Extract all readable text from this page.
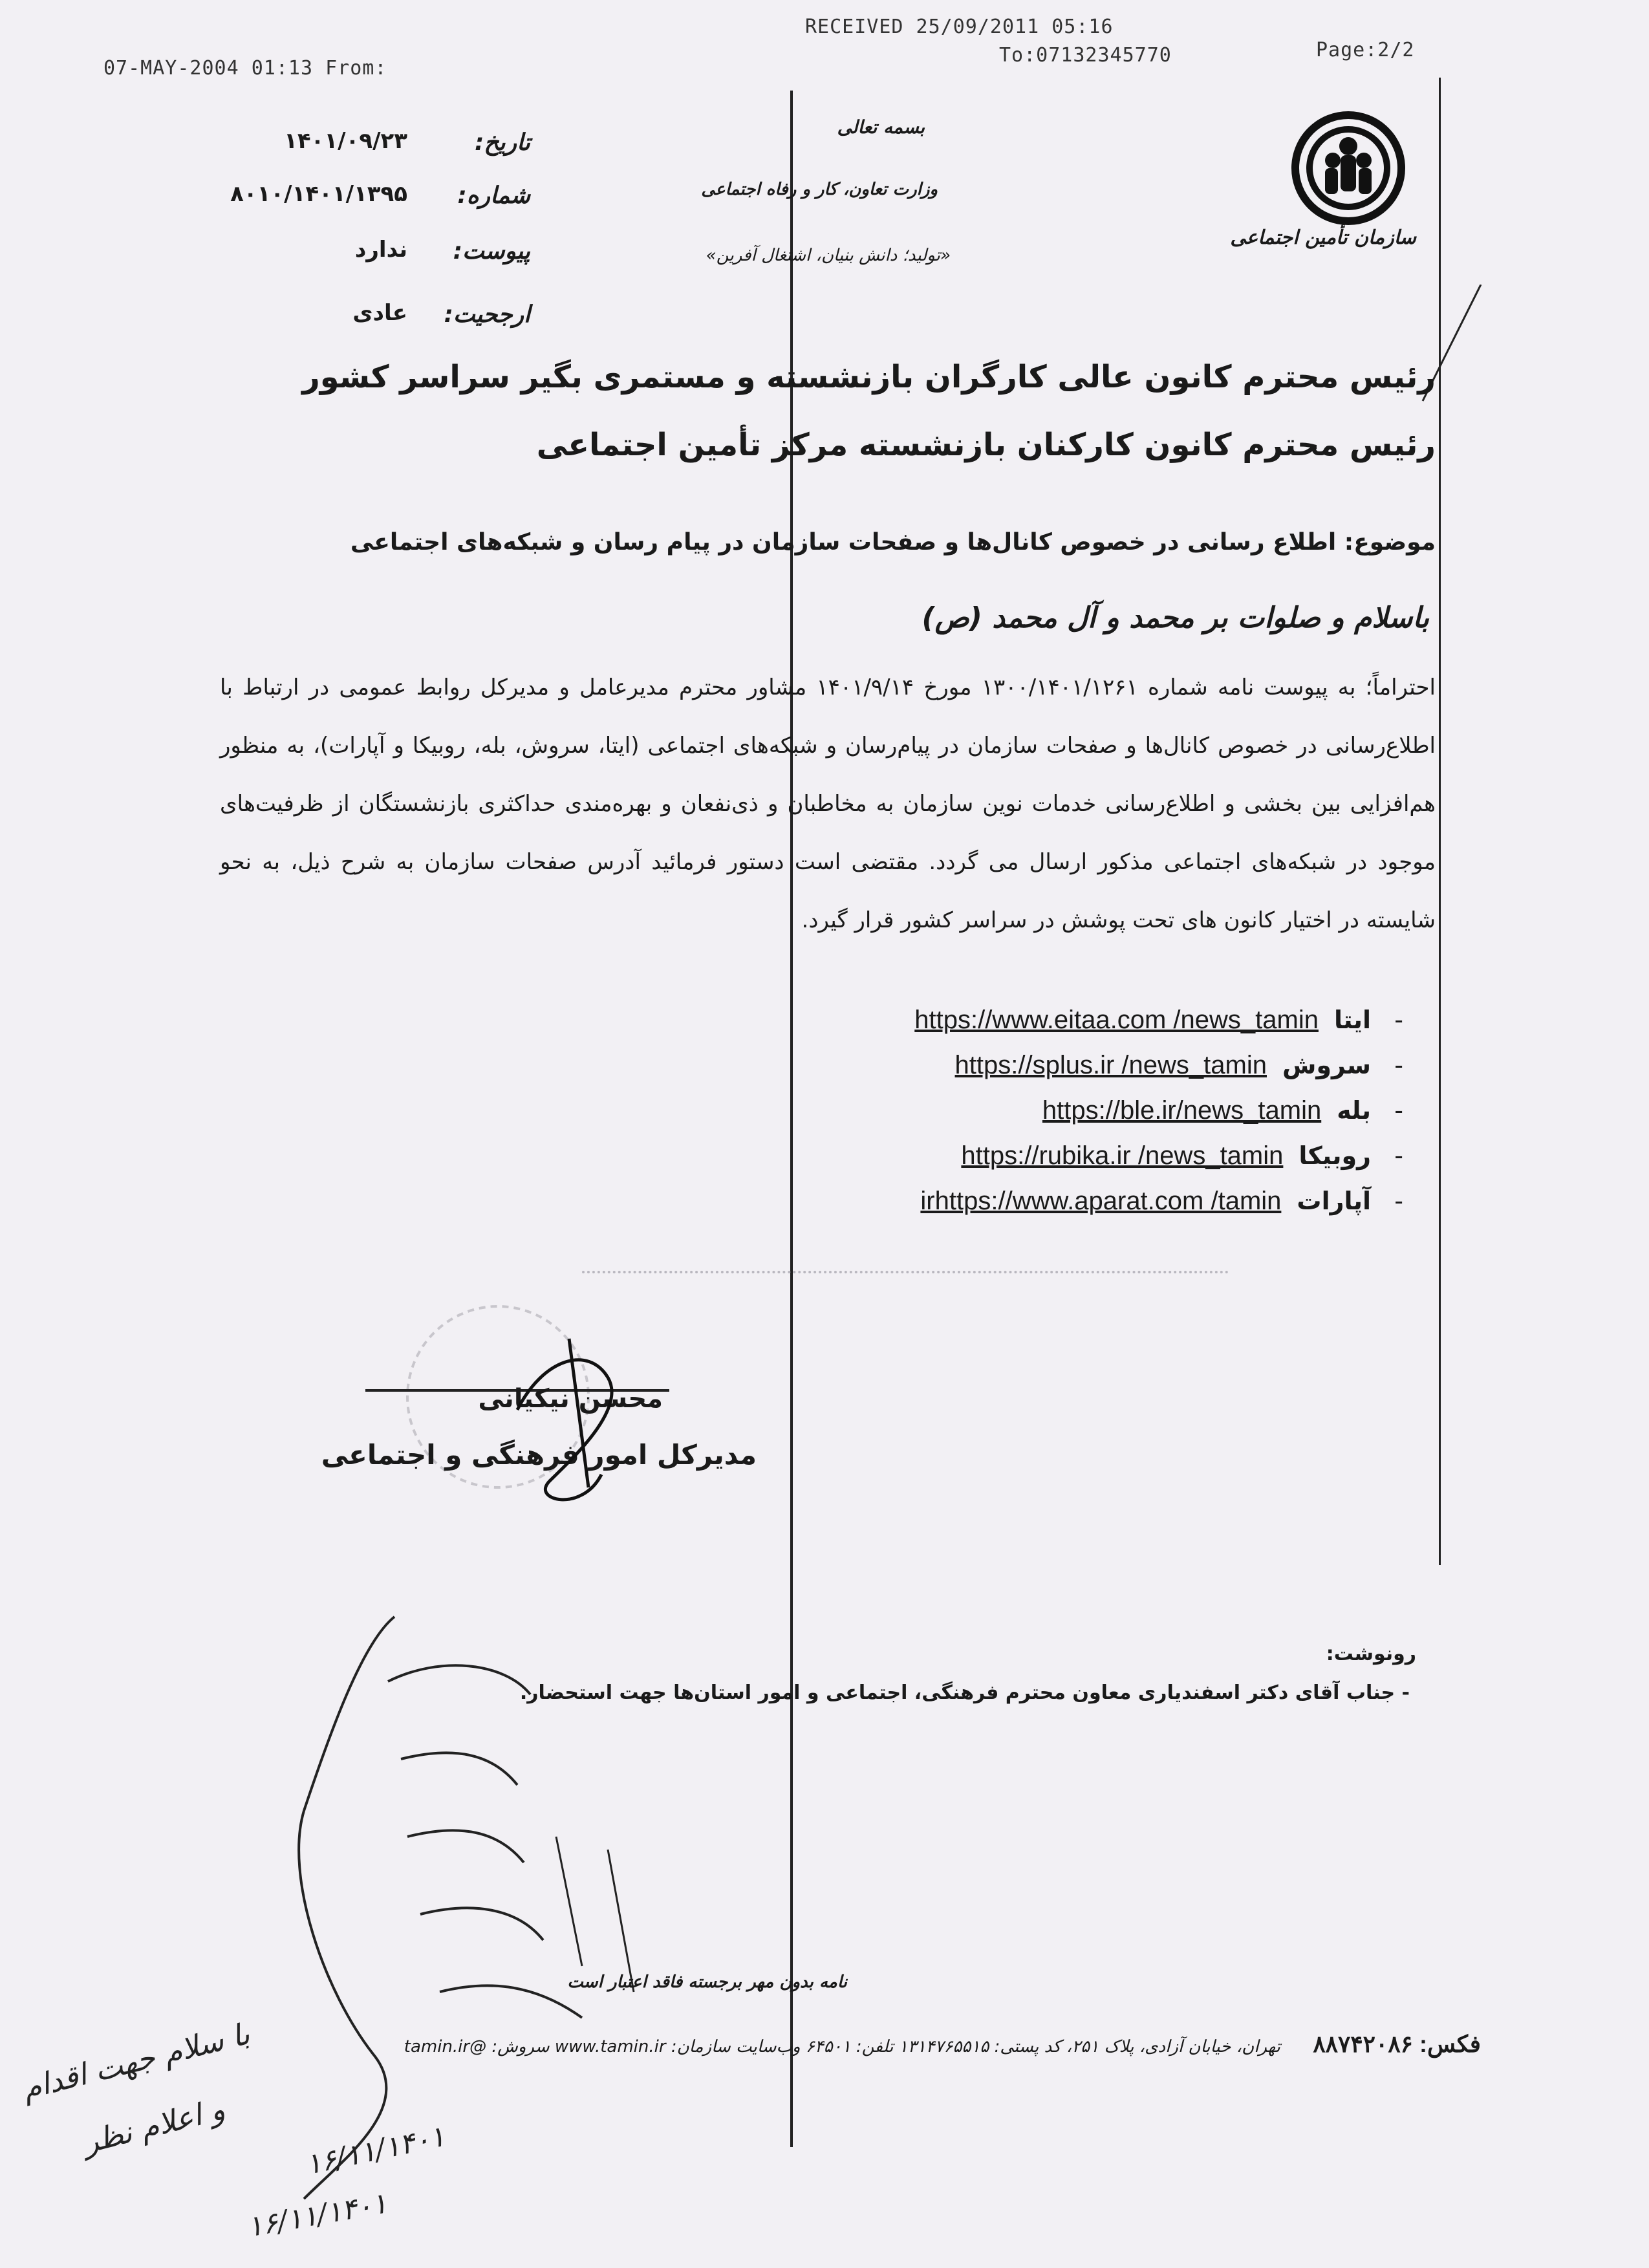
07-MAY-2004 01:13 From:
RECEIVED 25/09/2011 05:16
To:07132345770	Page:2/2
سازمان تأمین اجتماعی
بسمه تعالی
وزارت تعاون، کار و رفاه اجتماعی
«تولید؛ دانش بنیان، اشتغال آفرین»
تاریخ:
۱۴۰۱/۰۹/۲۳
شماره:
۸۰۱۰/۱۴۰۱/۱۳۹۵
پیوست:
ندارد
ارجحیت:
عادی
رئیس محترم کانون عالی کارگران بازنشسته و مستمری بگیر سراسر کشور
رئیس محترم کانون کارکنان بازنشسته مرکز تأمین اجتماعی
موضوع: اطلاع رسانی در خصوص کانال‌ها و صفحات سازمان در پیام رسان و شبکه‌های اجتماعی
باسلام و صلوات بر محمد و آل محمد (ص)
احتراماً؛ به پیوست نامه شماره ۱۳۰۰/۱۴۰۱/۱۲۶۱ مورخ ۱۴۰۱/۹/۱۴ مشاور محترم مدیرعامل و مدیرکل روابط عمومی در ارتباط با اطلاع‌رسانی در خصوص کانال‌ها و صفحات سازمان در پیام‌رسان و شبکه‌های اجتماعی (ایتا، سروش، بله، روبیکا و آپارات)، به منظور هم‌افزایی بین بخشی و اطلاع‌رسانی خدمات نوین سازمان به مخاطبان و ذی‌نفعان و بهره‌مندی حداکثری بازنشستگان از ظرفیت‌های موجود در شبکه‌های اجتماعی مذکور ارسال می گردد. مقتضی است دستور فرمائید آدرس صفحات سازمان به شرح ذیل، به نحو شایسته در اختیار کانون های تحت پوشش در سراسر کشور قرار گیرد.
-   ایتاhttps://www.eitaa.com /news_tamin
-   سروشhttps://splus.ir /news_tamin
-   بلهhttps://ble.ir/news_tamin
-   روبیکاhttps://rubika.ir /news_tamin
-   آپاراتirhttps://www.aparat.com /tamin
محسن نیکیانی
مدیرکل امور فرهنگی و اجتماعی
رونوشت:
- جناب آقای دکتر اسفندیاری معاون محترم فرهنگی، اجتماعی و امور استان‌ها جهت استحضار.
با سلام جهت اقدام
و اعلام نظر	۱۶/۱۱/۱۴۰۱
۱۶/۱۱/۱۴۰۱
نامه بدون مهر برجسته فاقد اعتبار است
تهران، خیابان آزادی، پلاک ۲۵۱، کد پستی: ۱۳۱۴۷۶۵۵۱۵ تلفن: ۶۴۵۰۱ وب‌سایت سازمان: www.tamin.ir سروش: @tamin.ir فکس: ۸۸۷۴۲۰۸۶
